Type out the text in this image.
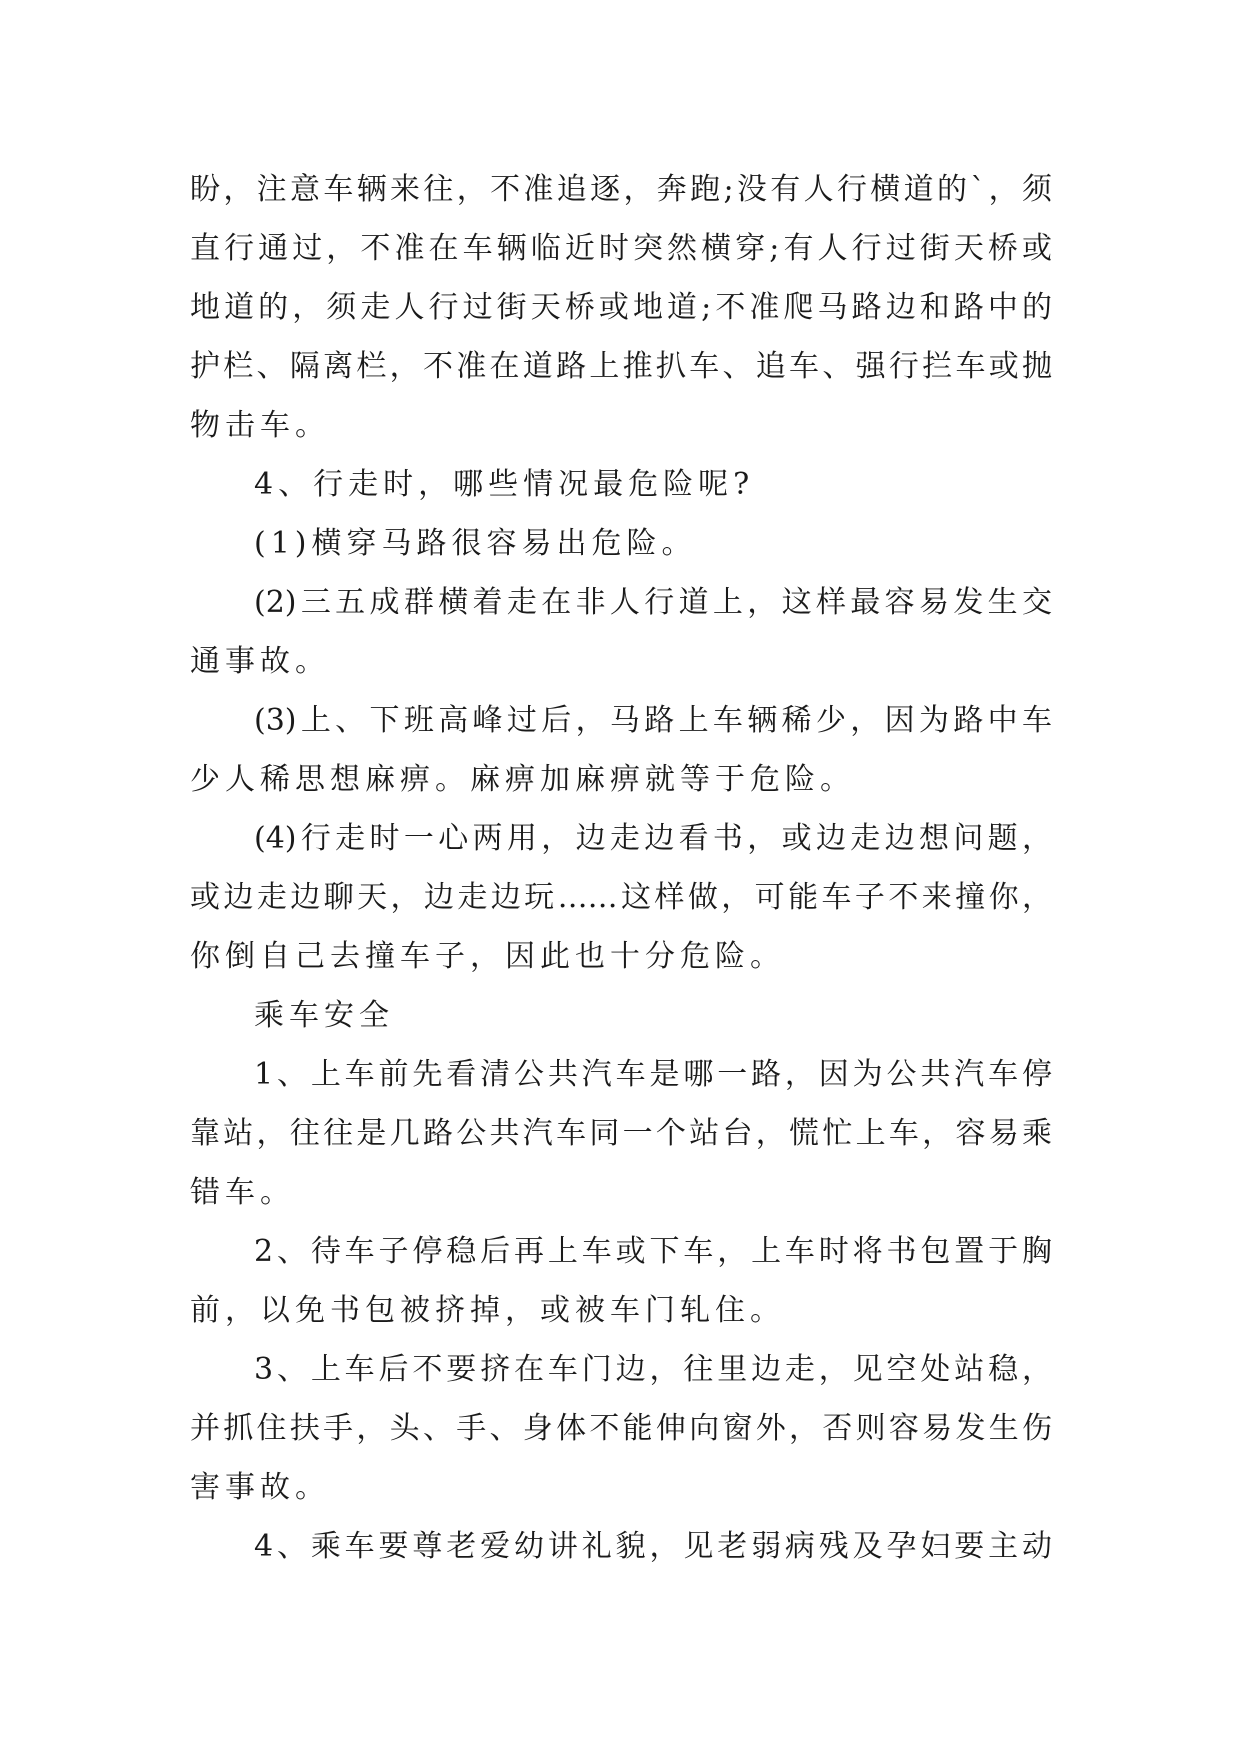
盼，注意车辆来往，不准追逐，奔跑;没有人行横道的`，须
直行通过，不准在车辆临近时突然横穿;有人行过街天桥或
地道的，须走人行过街天桥或地道;不准爬马路边和路中的
护栏、隔离栏，不准在道路上推扒车、追车、强行拦车或抛
物击车。
4、行走时，哪些情况最危险呢?
(1)横穿马路很容易出危险。
(2)三五成群横着走在非人行道上，这样最容易发生交
通事故。
(3)上、下班高峰过后，马路上车辆稀少，因为路中车
少人稀思想麻痹。麻痹加麻痹就等于危险。
(4)行走时一心两用，边走边看书，或边走边想问题，
或边走边聊天，边走边玩……这样做，可能车子不来撞你，
你倒自己去撞车子，因此也十分危险。
乘车安全
1、上车前先看清公共汽车是哪一路，因为公共汽车停
靠站，往往是几路公共汽车同一个站台，慌忙上车，容易乘
错车。
2、待车子停稳后再上车或下车，上车时将书包置于胸
前，以免书包被挤掉，或被车门轧住。
3、上车后不要挤在车门边，往里边走，见空处站稳，
并抓住扶手，头、手、身体不能伸向窗外，否则容易发生伤
害事故。
4、乘车要尊老爱幼讲礼貌，见老弱病残及孕妇要主动
